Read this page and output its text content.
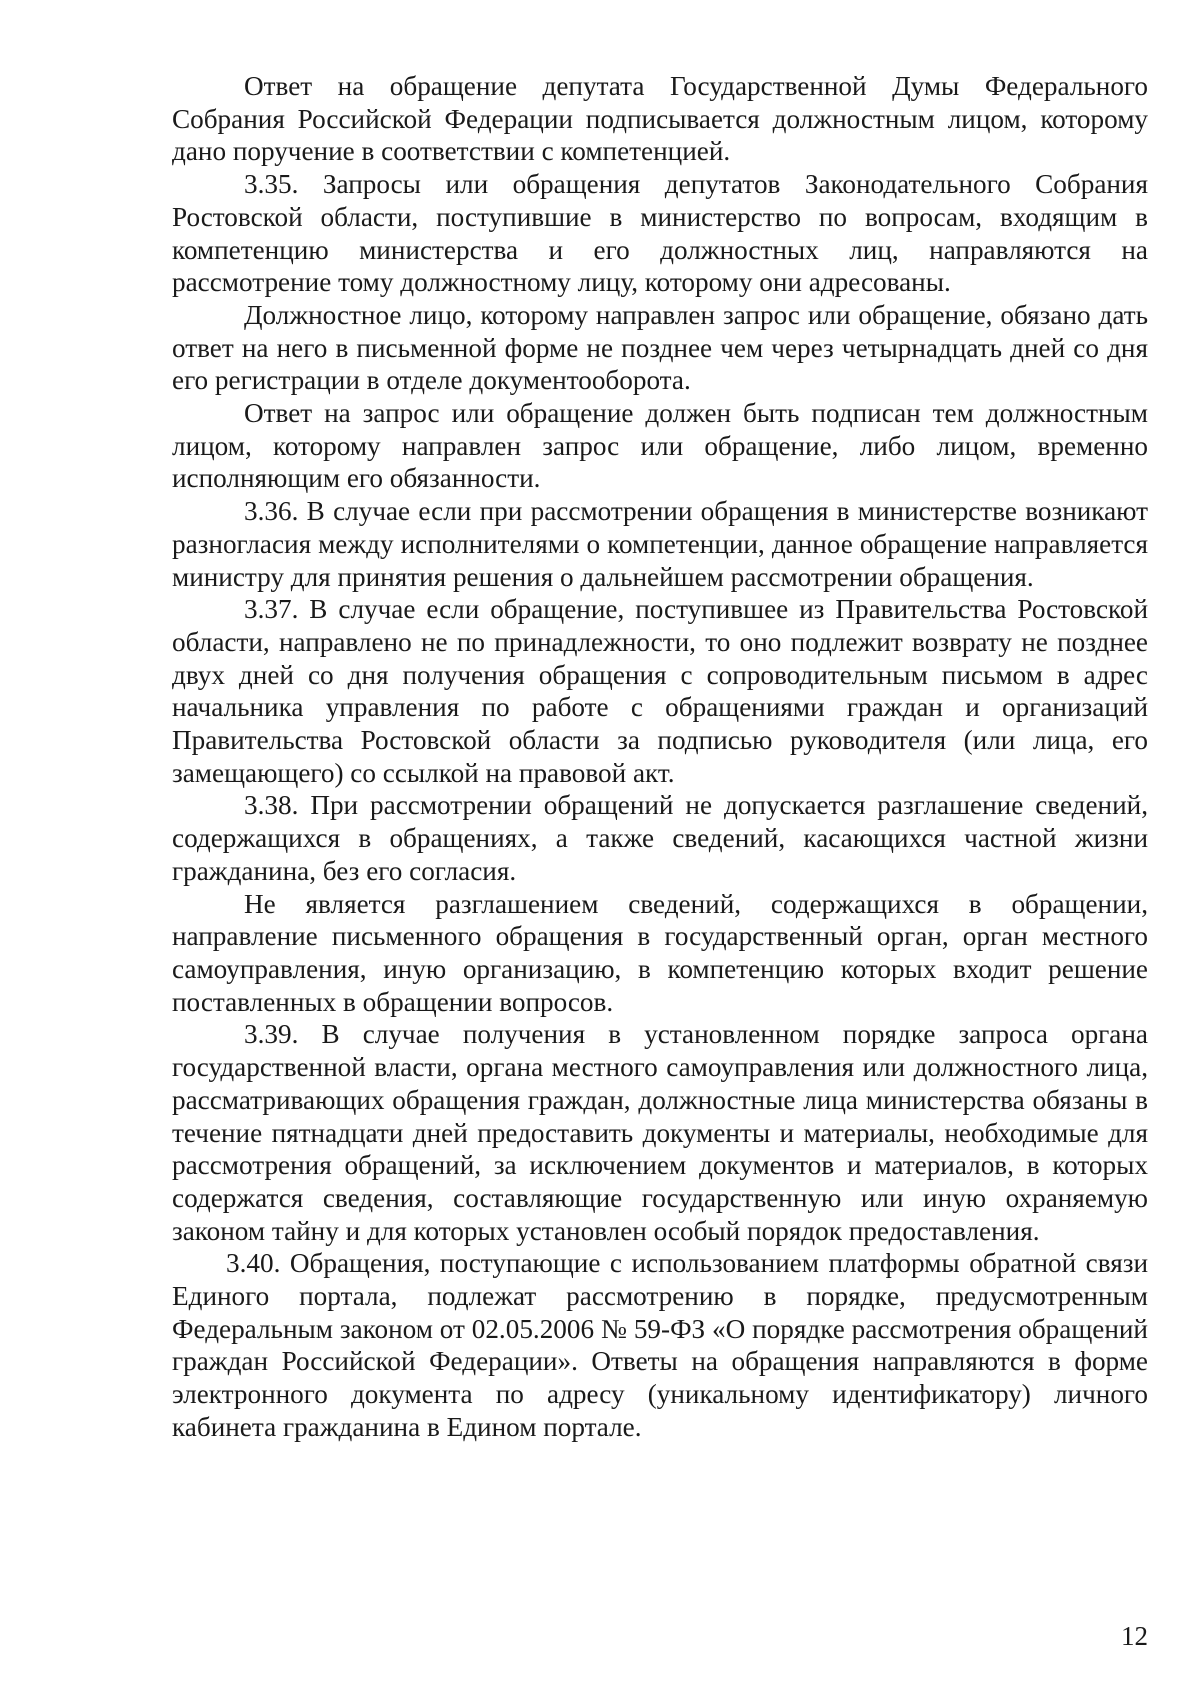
Ответ на обращение депутата Государственной Думы Федерального Собрания Российской Федерации подписывается должностным лицом, которому дано поручение в соответствии с компетенцией.

3.35. Запросы или обращения депутатов Законодательного Собрания Ростовской области, поступившие в министерство по вопросам, входящим в компетенцию министерства и его должностных лиц, направляются на рассмотрение тому должностному лицу, которому они адресованы.

Должностное лицо, которому направлен запрос или обращение, обязано дать ответ на него в письменной форме не позднее чем через четырнадцать дней со дня его регистрации в отделе документооборота.

Ответ на запрос или обращение должен быть подписан тем должностным лицом, которому направлен запрос или обращение, либо лицом, временно исполняющим его обязанности.

3.36. В случае если при рассмотрении обращения в министерстве возникают разногласия между исполнителями о компетенции, данное обращение направляется министру для принятия решения о дальнейшем рассмотрении обращения.

3.37. В случае если обращение, поступившее из Правительства Ростовской области, направлено не по принадлежности, то оно подлежит возврату не позднее двух дней со дня получения обращения с сопроводительным письмом в адрес начальника управления по работе с обращениями граждан и организаций Правительства Ростовской области за подписью руководителя (или лица, его замещающего) со ссылкой на правовой акт.

3.38. При рассмотрении обращений не допускается разглашение сведений, содержащихся в обращениях, а также сведений, касающихся частной жизни гражданина, без его согласия.

Не является разглашением сведений, содержащихся в обращении, направление письменного обращения в государственный орган, орган местного самоуправления, иную организацию, в компетенцию которых входит решение поставленных в обращении вопросов.

3.39. В случае получения в установленном порядке запроса органа государственной власти, органа местного самоуправления или должностного лица, рассматривающих обращения граждан, должностные лица министерства обязаны в течение пятнадцати дней предоставить документы и материалы, необходимые для рассмотрения обращений, за исключением документов и материалов, в которых содержатся сведения, составляющие государственную или иную охраняемую законом тайну и для которых установлен особый порядок предоставления.

3.40. Обращения, поступающие с использованием платформы обратной связи Единого портала, подлежат рассмотрению в порядке, предусмотренным Федеральным законом от 02.05.2006 № 59-ФЗ «О порядке рассмотрения обращений граждан Российской Федерации». Ответы на обращения направляются в форме электронного документа по адресу (уникальному идентификатору) личного кабинета гражданина в Едином портале.

12
